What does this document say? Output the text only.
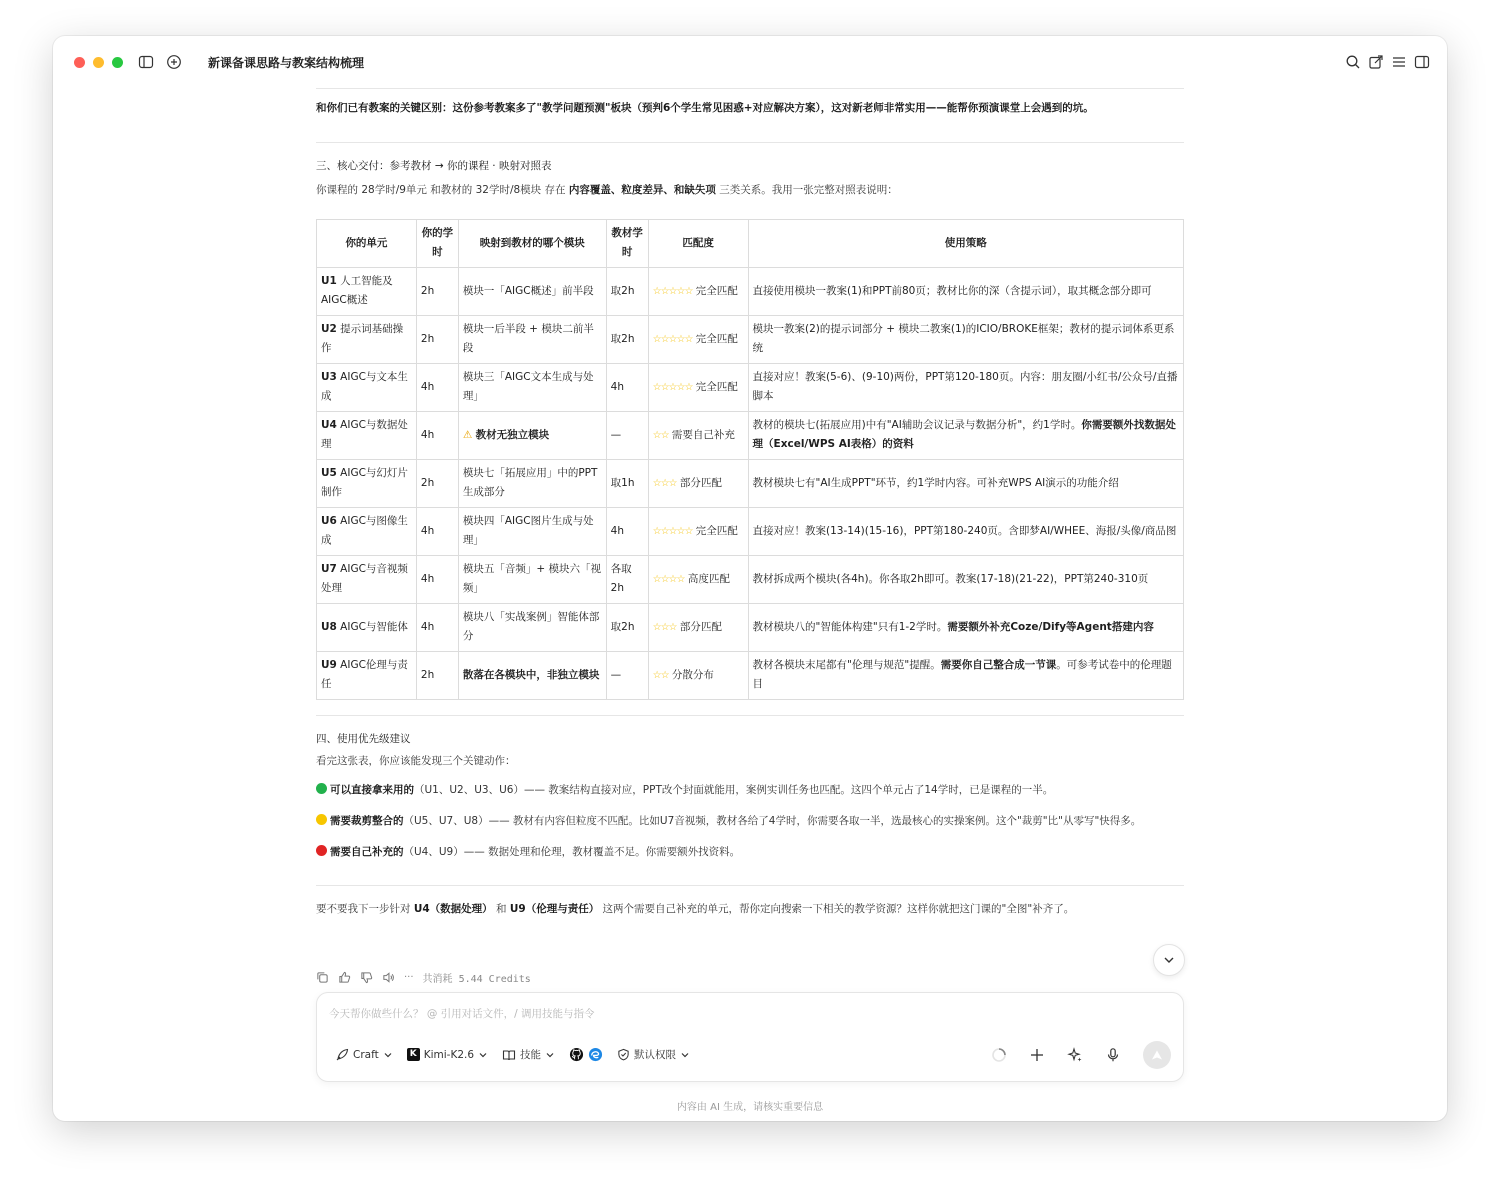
新课备课思路与教案结构梳理
和你们已有教案的关键区别：这份参考教案多了"教学问题预测"板块（预判6个学生常见困惑+对应解决方案），这对新老师非常实用——能帮你预演课堂上会遇到的坑。
三、核心交付：参考教材 → 你的课程 · 映射对照表
你课程的 28学时/9单元 和教材的 32学时/8模块 存在 内容覆盖、粒度差异、和缺失项 三类关系。我用一张完整对照表说明：
你的单元	你的学时	映射到教材的哪个模块	教材学时	匹配度	使用策略
U1 人工智能及AIGC概述	2h	模块一「AIGC概述」前半段	取2h	☆☆☆☆☆ 完全匹配	直接使用模块一教案(1)和PPT前80页；教材比你的深（含提示词），取其概念部分即可
U2 提示词基础操作	2h	模块一后半段 + 模块二前半段	取2h	☆☆☆☆☆ 完全匹配	模块一教案(2)的提示词部分 + 模块二教案(1)的ICIO/BROKE框架；教材的提示词体系更系统
U3 AIGC与文本生成	4h	模块三「AIGC文本生成与处理」	4h	☆☆☆☆☆ 完全匹配	直接对应！教案(5-6)、(9-10)两份，PPT第120-180页。内容：朋友圈/小红书/公众号/直播脚本
U4 AIGC与数据处理	4h	⚠ 教材无独立模块	—	☆☆ 需要自己补充	教材的模块七(拓展应用)中有"AI辅助会议记录与数据分析"，约1学时。你需要额外找数据处理（Excel/WPS AI表格）的资料
U5 AIGC与幻灯片制作	2h	模块七「拓展应用」中的PPT生成部分	取1h	☆☆☆ 部分匹配	教材模块七有"AI生成PPT"环节，约1学时内容。可补充WPS AI演示的功能介绍
U6 AIGC与图像生成	4h	模块四「AIGC图片生成与处理」	4h	☆☆☆☆☆ 完全匹配	直接对应！教案(13-14)(15-16)，PPT第180-240页。含即梦AI/WHEE、海报/头像/商品图
U7 AIGC与音视频处理	4h	模块五「音频」+ 模块六「视频」	各取2h	☆☆☆☆ 高度匹配	教材拆成两个模块(各4h)。你各取2h即可。教案(17-18)(21-22)，PPT第240-310页
U8 AIGC与智能体	4h	模块八「实战案例」智能体部分	取2h	☆☆☆ 部分匹配	教材模块八的"智能体构建"只有1-2学时。需要额外补充Coze/Dify等Agent搭建内容
U9 AIGC伦理与责任	2h	散落在各模块中，非独立模块	—	☆☆ 分散分布	教材各模块末尾都有"伦理与规范"提醒。需要你自己整合成一节课。可参考试卷中的伦理题目
四、使用优先级建议
看完这张表，你应该能发现三个关键动作：
可以直接拿来用的（U1、U2、U3、U6）—— 教案结构直接对应，PPT改个封面就能用，案例实训任务也匹配。这四个单元占了14学时，已是课程的一半。
需要裁剪整合的（U5、U7、U8）—— 教材有内容但粒度不匹配。比如U7音视频，教材各给了4学时，你需要各取一半，选最核心的实操案例。这个"裁剪"比"从零写"快得多。
需要自己补充的（U4、U9）—— 数据处理和伦理，教材覆盖不足。你需要额外找资料。
要不要我下一步针对 U4（数据处理） 和 U9（伦理与责任） 这两个需要自己补充的单元，帮你定向搜索一下相关的教学资源？这样你就把这门课的"全图"补齐了。
··· 共消耗 5.44 Credits
今天帮你做些什么？ @ 引用对话文件，/ 调用技能与指令
Craft	K Kimi-K2.6	技能	默认权限
内容由 AI 生成，请核实重要信息
